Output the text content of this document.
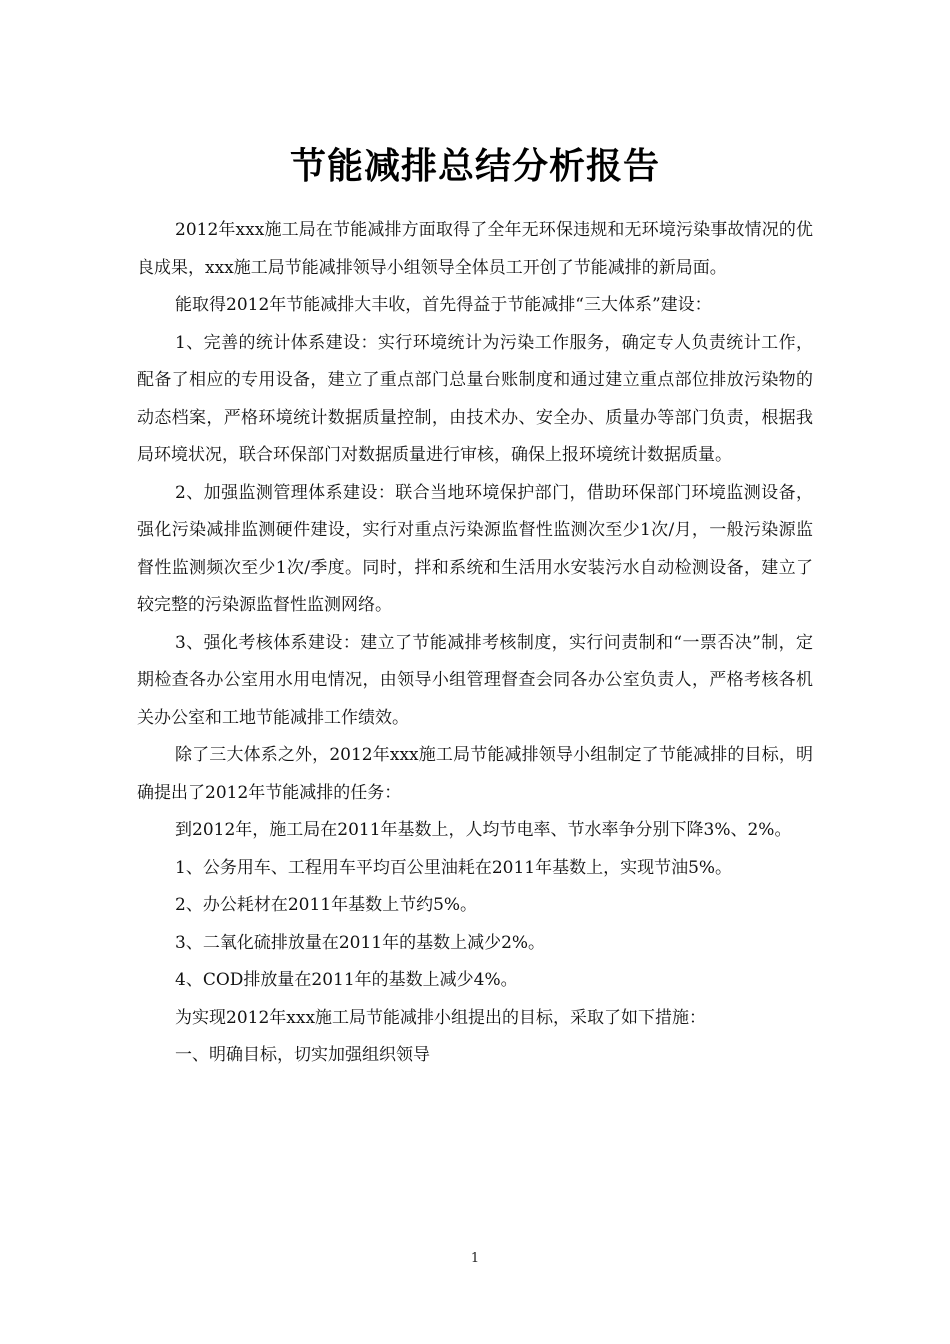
节能减排总结分析报告

2012年xxx施工局在节能减排方面取得了全年无环保违规和无环境污染事故情况的优良成果，xxx施工局节能减排领导小组领导全体员工开创了节能减排的新局面。

能取得2012年节能减排大丰收，首先得益于节能减排“三大体系”建设：

1、完善的统计体系建设：实行环境统计为污染工作服务，确定专人负责统计工作，配备了相应的专用设备，建立了重点部门总量台账制度和通过建立重点部位排放污染物的动态档案，严格环境统计数据质量控制，由技术办、安全办、质量办等部门负责，根据我局环境状况，联合环保部门对数据质量进行审核，确保上报环境统计数据质量。

2、加强监测管理体系建设：联合当地环境保护部门，借助环保部门环境监测设备，强化污染减排监测硬件建设，实行对重点污染源监督性监测次至少1次/月，一般污染源监督性监测频次至少1次/季度。同时，拌和系统和生活用水安装污水自动检测设备，建立了较完整的污染源监督性监测网络。

3、强化考核体系建设：建立了节能减排考核制度，实行问责制和“一票否决”制，定期检查各办公室用水用电情况，由领导小组管理督查会同各办公室负责人，严格考核各机关办公室和工地节能减排工作绩效。

除了三大体系之外，2012年xxx施工局节能减排领导小组制定了节能减排的目标，明确提出了2012年节能减排的任务：

到2012年，施工局在2011年基数上，人均节电率、节水率争分别下降3%、2%。

1、公务用车、工程用车平均百公里油耗在2011年基数上，实现节油5%。

2、办公耗材在2011年基数上节约5%。

3、二氧化硫排放量在2011年的基数上减少2%。

4、COD排放量在2011年的基数上减少4%。

为实现2012年xxx施工局节能减排小组提出的目标，采取了如下措施：

一、明确目标，切实加强组织领导

1
